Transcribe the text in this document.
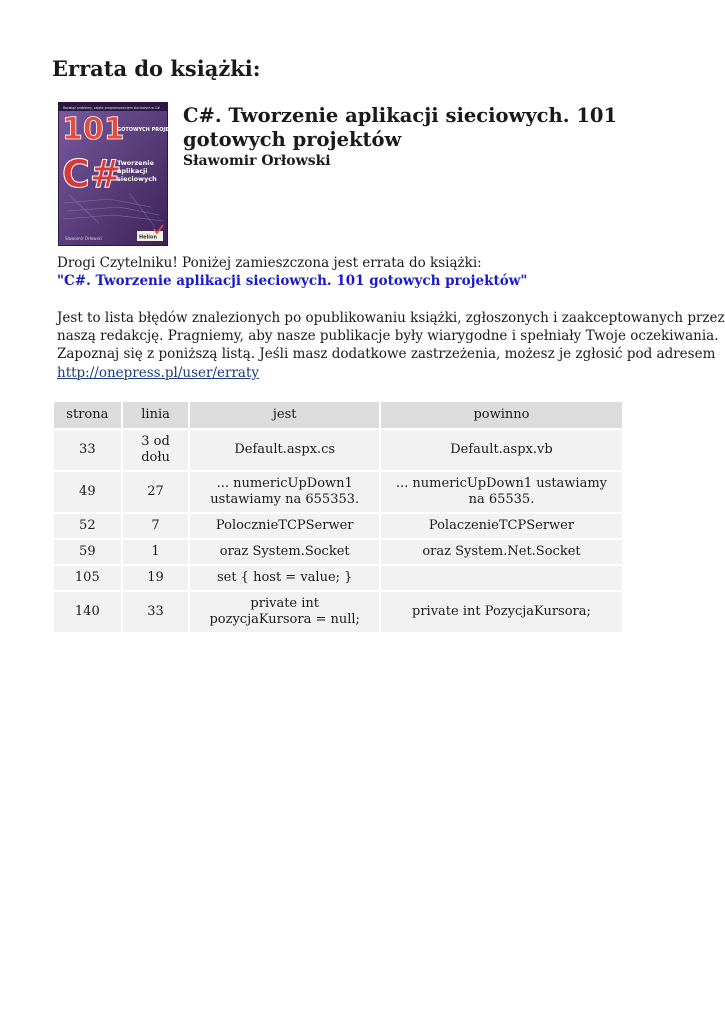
Errata do książki:
Rozwiąż problemy, zajęte programowaniem sieciowym w C#
101
GOTOWYCH PROJEKTÓW
C#
Tworzenie aplikacji sieciowych
Sławomir Orłowski	Helion
C#. Tworzenie aplikacji sieciowych. 101 gotowych projektów

Sławomir Orłowski

Drogi Czytelniku! Poniżej zamieszczona jest errata do książki:

"C#. Tworzenie aplikacji sieciowych. 101 gotowych projektów"

Jest to lista błędów znalezionych po opublikowaniu książki, zgłoszonych i zaakceptowanych przez
naszą redakcję. Pragniemy, aby nasze publikacje były wiarygodne i spełniały Twoje oczekiwania.
Zapoznaj się z poniższą listą. Jeśli masz dodatkowe zastrzeżenia, możesz je zgłosić pod adresem
http://onepress.pl/user/erraty
strona	linia	jest	powinno
33	3 od dołu	Default.aspx.cs	Default.aspx.vb
49	27	... numericUpDown1 ustawiamy na 655353.	... numericUpDown1 ustawiamy na 65535.
52	7	PolocznieTCPSerwer	PolaczenieTCPSerwer
59	1	oraz System.Socket	oraz System.Net.Socket
105	19	set { host = value; }	
140	33	private int pozycjaKursora = null;	private int PozycjaKursora;
